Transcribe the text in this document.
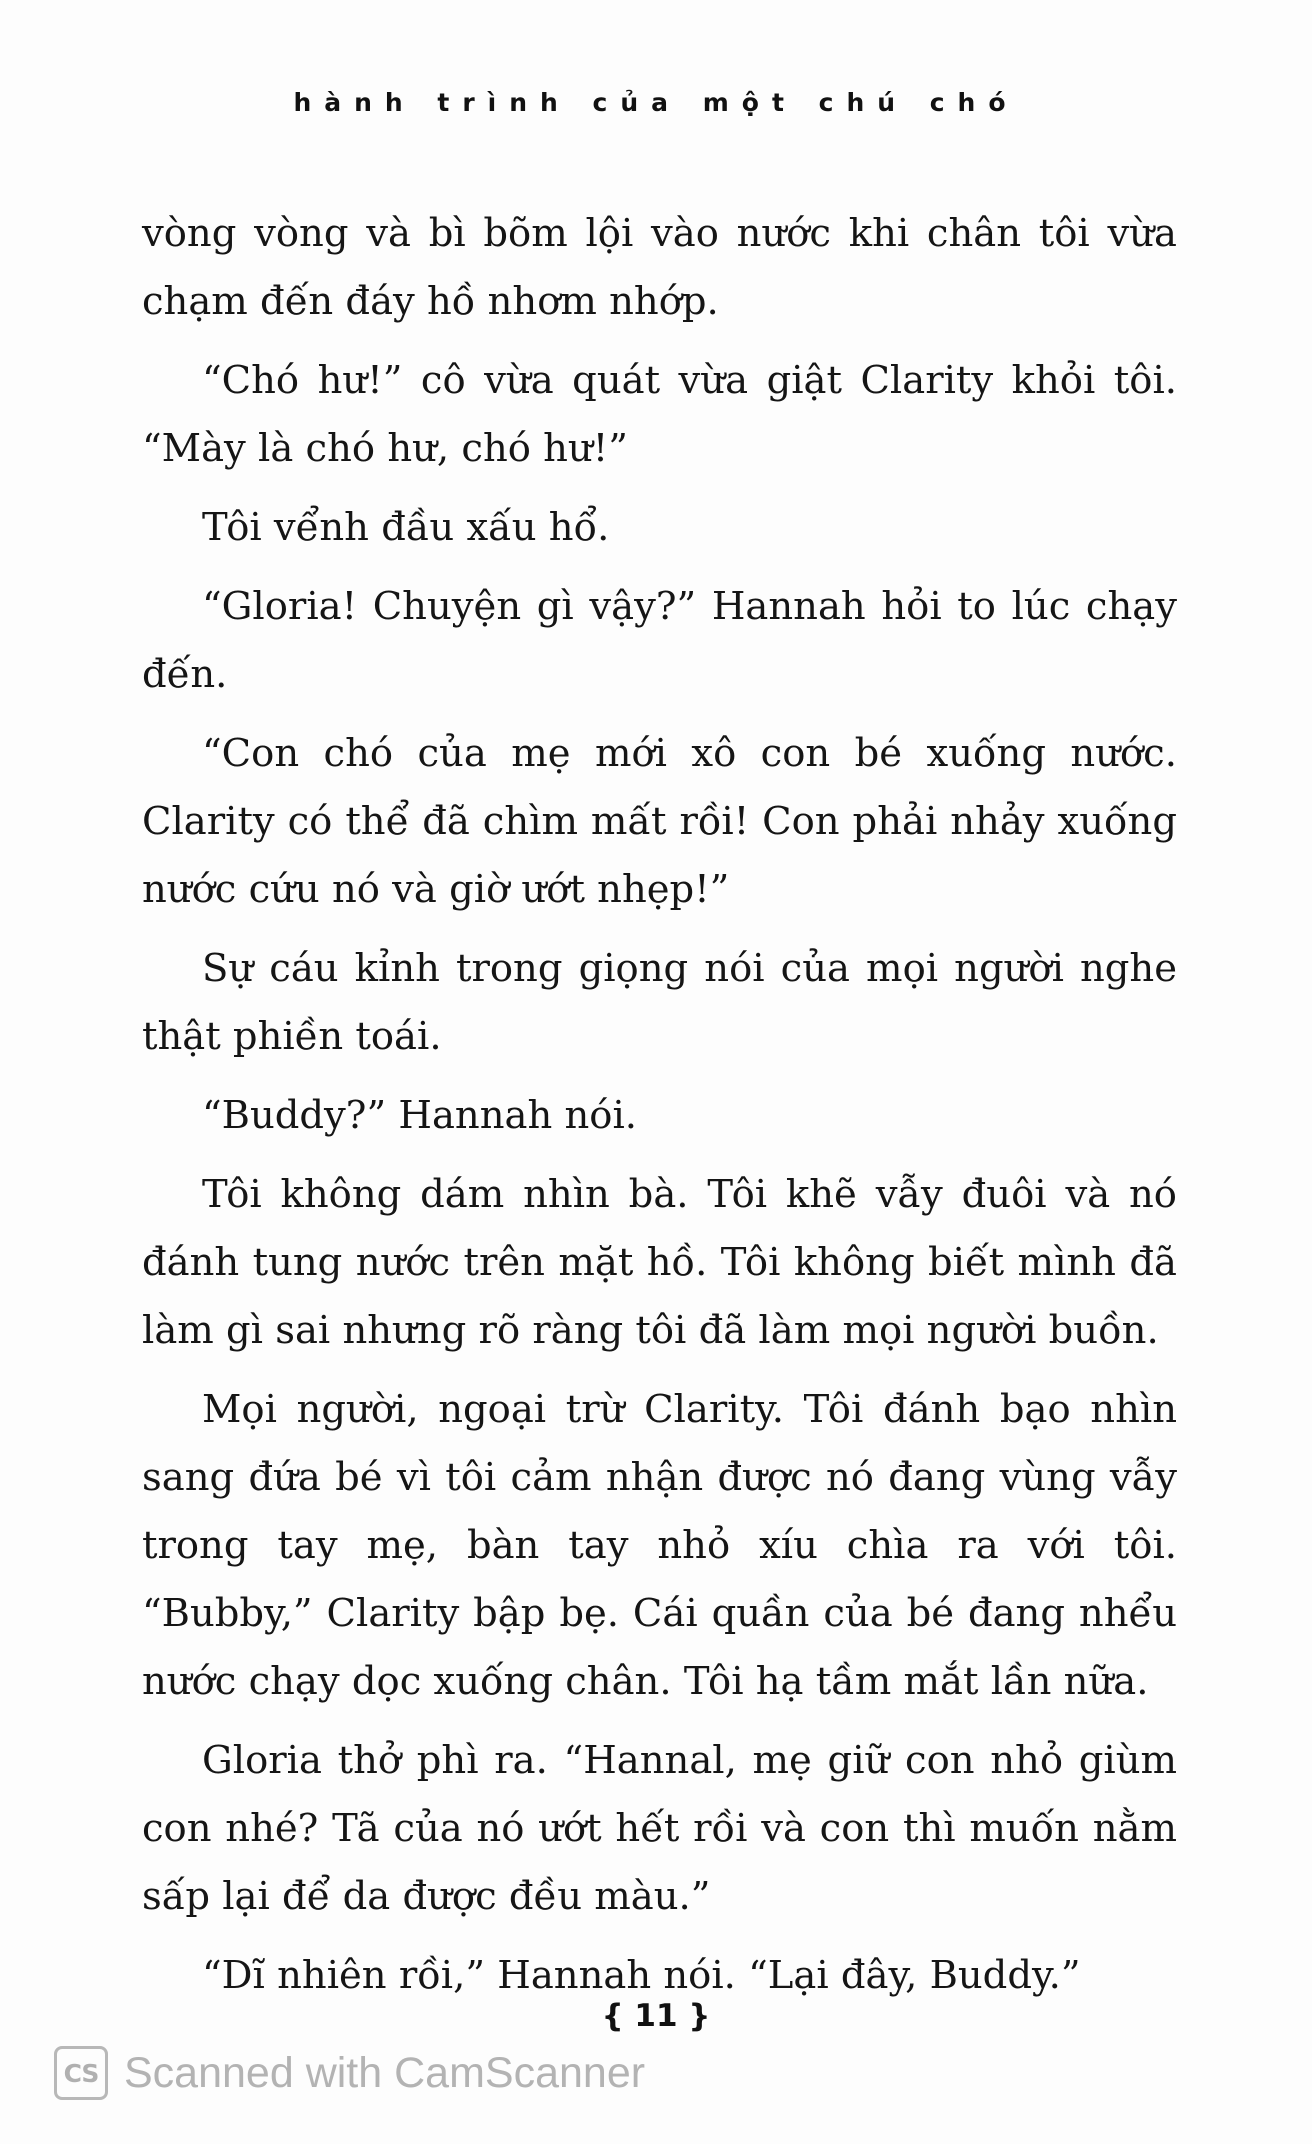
hành trình của một chú chó

vòng vòng và bì bõm lội vào nước khi chân tôi vừa chạm đến đáy hồ nhơm nhớp.

“Chó hư!” cô vừa quát vừa giật Clarity khỏi tôi. “Mày là chó hư, chó hư!”

Tôi vểnh đầu xấu hổ.

“Gloria! Chuyện gì vậy?” Hannah hỏi to lúc chạy đến.

“Con chó của mẹ mới xô con bé xuống nước. Clarity có thể đã chìm mất rồi! Con phải nhảy xuống nước cứu nó và giờ ướt nhẹp!”

Sự cáu kỉnh trong giọng nói của mọi người nghe thật phiền toái.

“Buddy?” Hannah nói.

Tôi không dám nhìn bà. Tôi khẽ vẫy đuôi và nó đánh tung nước trên mặt hồ. Tôi không biết mình đã làm gì sai nhưng rõ ràng tôi đã làm mọi người buồn.

Mọi người, ngoại trừ Clarity. Tôi đánh bạo nhìn sang đứa bé vì tôi cảm nhận được nó đang vùng vẫy trong tay mẹ, bàn tay nhỏ xíu chìa ra với tôi. “Bubby,” Clarity bập bẹ. Cái quần của bé đang nhểu nước chạy dọc xuống chân. Tôi hạ tầm mắt lần nữa.

Gloria thở phì ra. “Hannal, mẹ giữ con nhỏ giùm con nhé? Tã của nó ướt hết rồi và con thì muốn nằm sấp lại để da được đều màu.”

“Dĩ nhiên rồi,” Hannah nói. “Lại đây, Buddy.”

{ 11 }
CS Scanned with CamScanner
